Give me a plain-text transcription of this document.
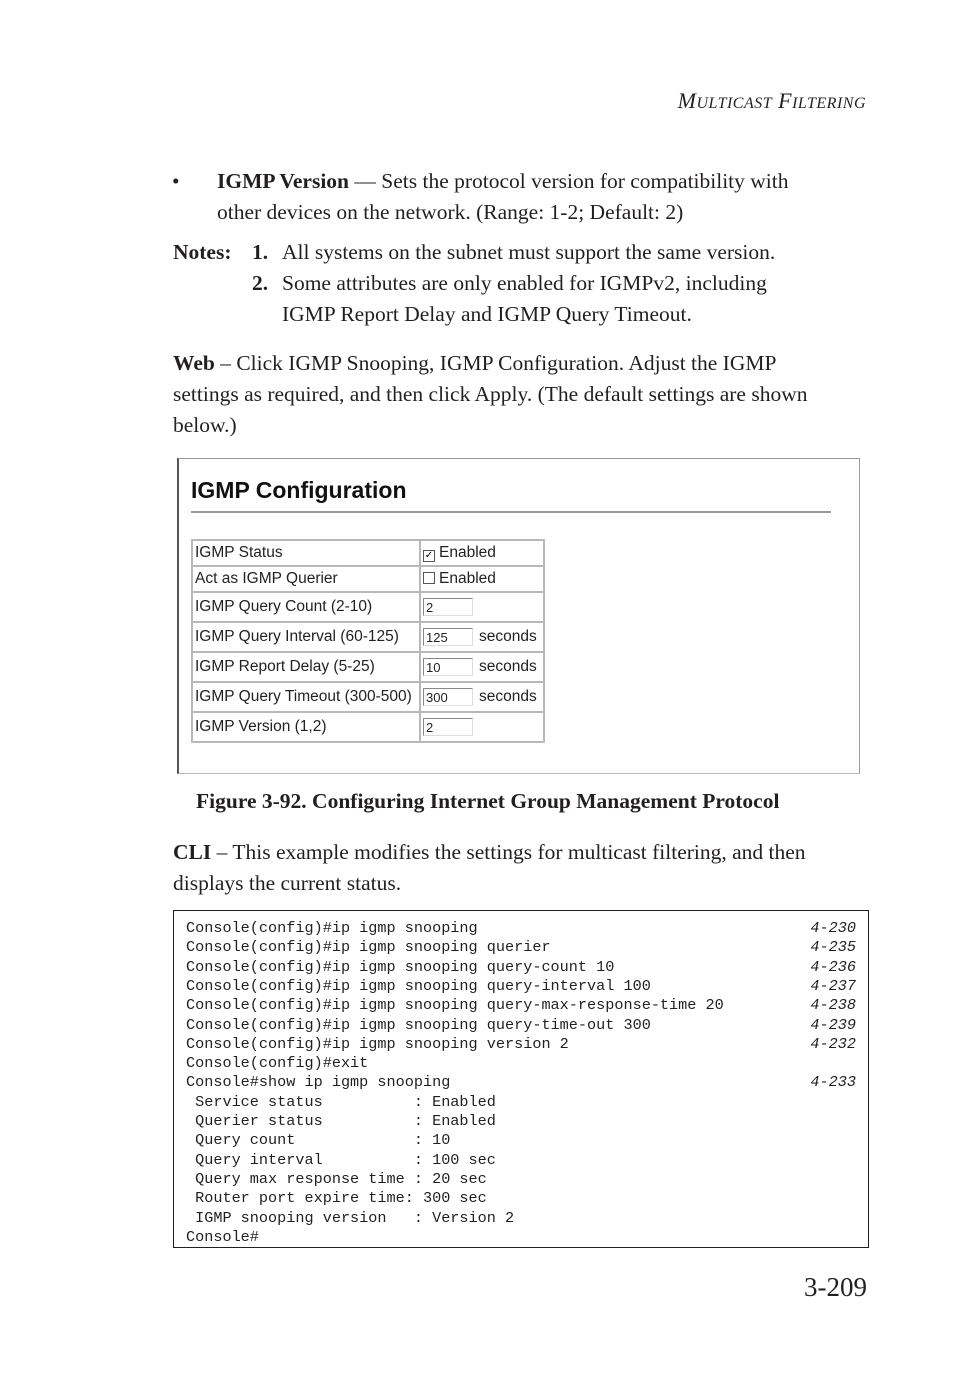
MULTICAST FILTERING
• IGMP Version — Sets the protocol version for compatibility with
other devices on the network. (Range: 1-2; Default: 2)
Notes: 1. All systems on the subnet must support the same version.
2. Some attributes are only enabled for IGMPv2, including
IGMP Report Delay and IGMP Query Timeout.
Web – Click IGMP Snooping, IGMP Configuration. Adjust the IGMP
settings as required, and then click Apply. (The default settings are shown
below.)
IGMP Configuration
IGMP Status	✓ Enabled
Act as IGMP Querier	Enabled
IGMP Query Count (2-10)	2
IGMP Query Interval (60-125)	125 seconds
IGMP Report Delay (5-25)	10 seconds
IGMP Query Timeout (300-500)	300 seconds
IGMP Version (1,2)	2
Figure 3-92. Configuring Internet Group Management Protocol
CLI – This example modifies the settings for multicast filtering, and then
displays the current status.
Console(config)#ip igmp snooping	4-230
Console(config)#ip igmp snooping querier	4-235
Console(config)#ip igmp snooping query-count 10	4-236
Console(config)#ip igmp snooping query-interval 100	4-237
Console(config)#ip igmp snooping query-max-response-time 20	4-238
Console(config)#ip igmp snooping query-time-out 300	4-239
Console(config)#ip igmp snooping version 2	4-232
Console(config)#exit
Console#show ip igmp snooping	4-233
Service status          : Enabled
Querier status          : Enabled
Query count             : 10
Query interval          : 100 sec
Query max response time : 20 sec
Router port expire time: 300 sec
IGMP snooping version   : Version 2
Console#
3-209
